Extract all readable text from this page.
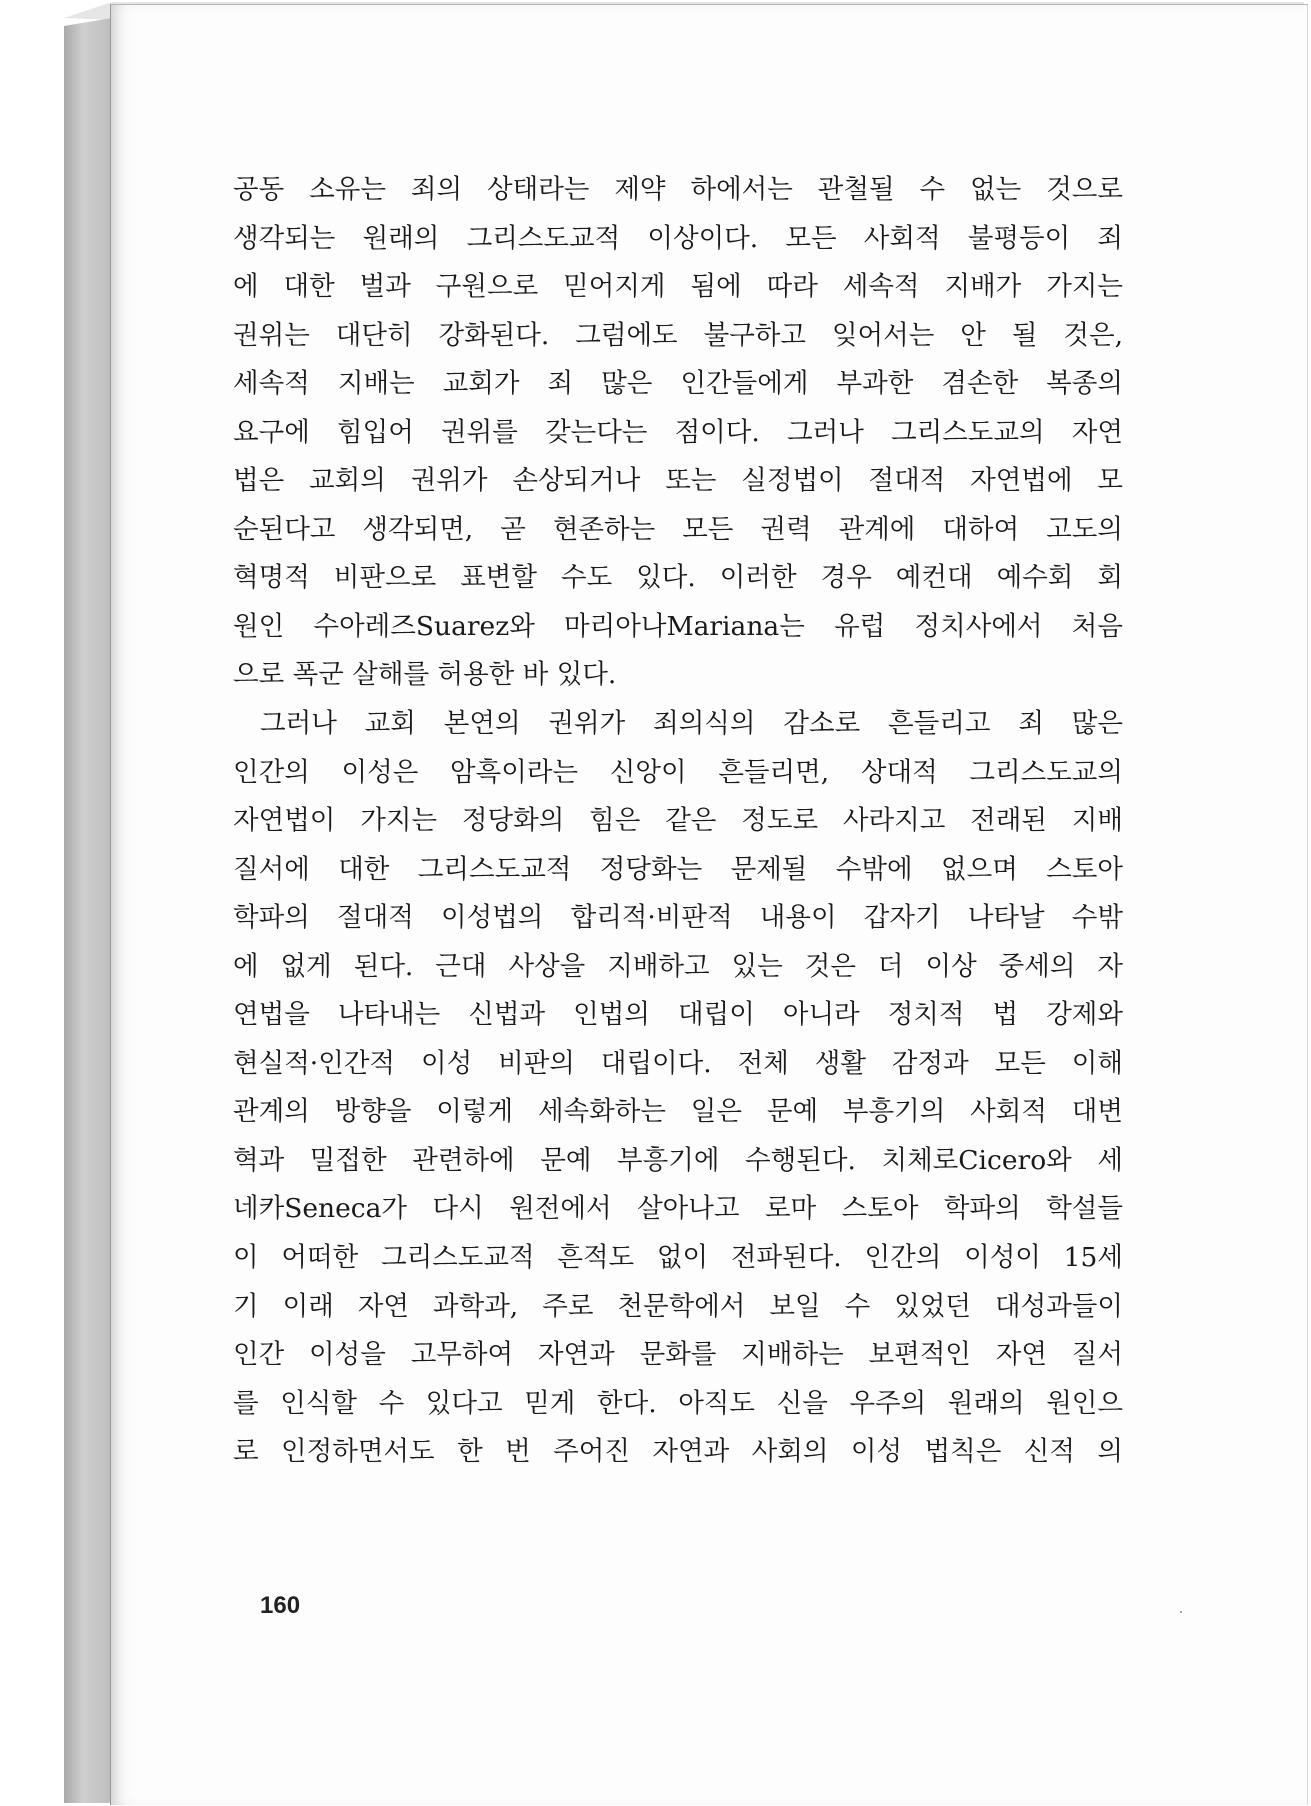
공동 소유는 죄의 상태라는 제약 하에서는 관철될 수 없는 것으로
생각되는 원래의 그리스도교적 이상이다. 모든 사회적 불평등이 죄
에 대한 벌과 구원으로 믿어지게 됨에 따라 세속적 지배가 가지는
권위는 대단히 강화된다. 그럼에도 불구하고 잊어서는 안 될 것은,
세속적 지배는 교회가 죄 많은 인간들에게 부과한 겸손한 복종의
요구에 힘입어 권위를 갖는다는 점이다. 그러나 그리스도교의 자연
법은 교회의 권위가 손상되거나 또는 실정법이 절대적 자연법에 모
순된다고 생각되면, 곧 현존하는 모든 권력 관계에 대하여 고도의
혁명적 비판으로 표변할 수도 있다. 이러한 경우 예컨대 예수회 회
원인 수아레즈Suarez와 마리아나Mariana는 유럽 정치사에서 처음
으로 폭군 살해를 허용한 바 있다.
그러나 교회 본연의 권위가 죄의식의 감소로 흔들리고 죄 많은
인간의 이성은 암흑이라는 신앙이 흔들리면, 상대적 그리스도교의
자연법이 가지는 정당화의 힘은 같은 정도로 사라지고 전래된 지배
질서에 대한 그리스도교적 정당화는 문제될 수밖에 없으며 스토아
학파의 절대적 이성법의 합리적·비판적 내용이 갑자기 나타날 수밖
에 없게 된다. 근대 사상을 지배하고 있는 것은 더 이상 중세의 자
연법을 나타내는 신법과 인법의 대립이 아니라 정치적 법 강제와
현실적·인간적 이성 비판의 대립이다. 전체 생활 감정과 모든 이해
관계의 방향을 이렇게 세속화하는 일은 문예 부흥기의 사회적 대변
혁과 밀접한 관련하에 문예 부흥기에 수행된다. 치체로Cicero와 세
네카Seneca가 다시 원전에서 살아나고 로마 스토아 학파의 학설들
이 어떠한 그리스도교적 흔적도 없이 전파된다. 인간의 이성이 15세
기 이래 자연 과학과, 주로 천문학에서 보일 수 있었던 대성과들이
인간 이성을 고무하여 자연과 문화를 지배하는 보편적인 자연 질서
를 인식할 수 있다고 믿게 한다. 아직도 신을 우주의 원래의 원인으
로 인정하면서도 한 번 주어진 자연과 사회의 이성 법칙은 신적 의
160
